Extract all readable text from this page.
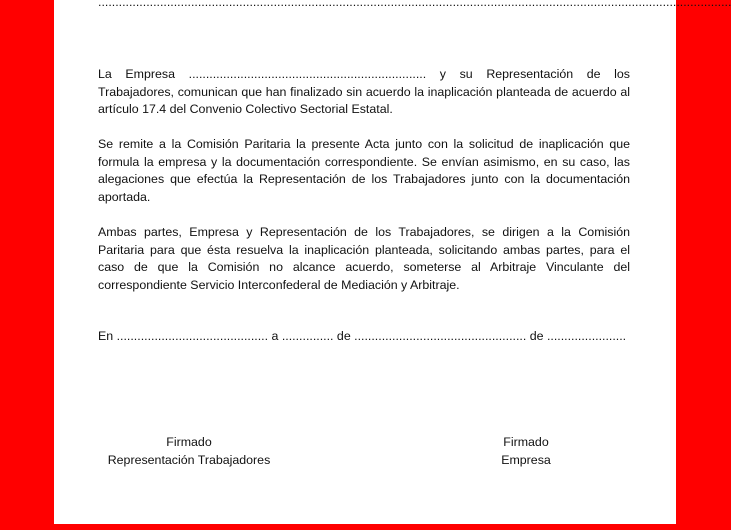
........................................................................................................................................................................................

La Empresa ..................................................................... y su Representación de los Trabajadores, comunican que han finalizado sin acuerdo la inaplicación planteada de acuerdo al artículo 17.4 del Convenio Colectivo Sectorial Estatal.

Se remite a la Comisión Paritaria la presente Acta junto con la solicitud de inaplicación que formula la empresa y la documentación correspondiente. Se envían asimismo, en su caso, las alegaciones que efectúa la Representación de los Trabajadores junto con la documentación aportada.

Ambas partes, Empresa y Representación de los Trabajadores, se dirigen a la Comisión Paritaria para que ésta resuelva la inaplicación planteada, solicitando ambas partes, para el caso de que la Comisión no alcance acuerdo, someterse al Arbitraje Vinculante del correspondiente Servicio Interconfederal de Mediación y Arbitraje.

En ............................................ a ............... de .................................................. de .......................
Firmado
Representación Trabajadores
Firmado
Empresa
